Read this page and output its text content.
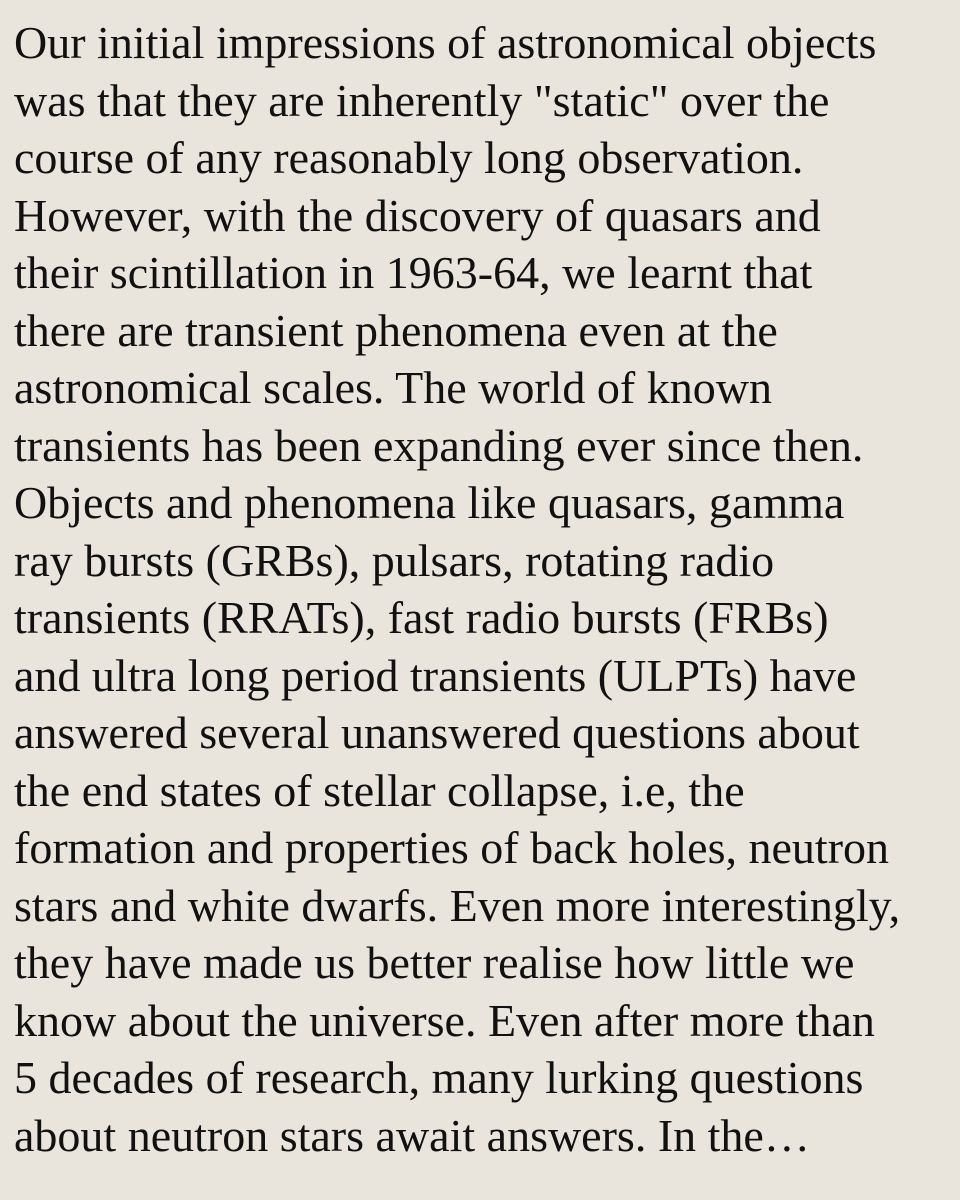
Our initial impressions of astronomical objects

was that they are inherently "static" over the

course of any reasonably long observation.

However, with the discovery of quasars and

their scintillation in 1963-64, we learnt that

there are transient phenomena even at the

astronomical scales. The world of known

transients has been expanding ever since then.

Objects and phenomena like quasars, gamma

ray bursts (GRBs), pulsars, rotating radio

transients (RRATs), fast radio bursts (FRBs)

and ultra long period transients (ULPTs) have

answered several unanswered questions about

the end states of stellar collapse, i.e, the

formation and properties of back holes, neutron

stars and white dwarfs. Even more interestingly,

they have made us better realise how little we

know about the universe. Even after more than

5 decades of research, many lurking questions

about neutron stars await answers. In the…
